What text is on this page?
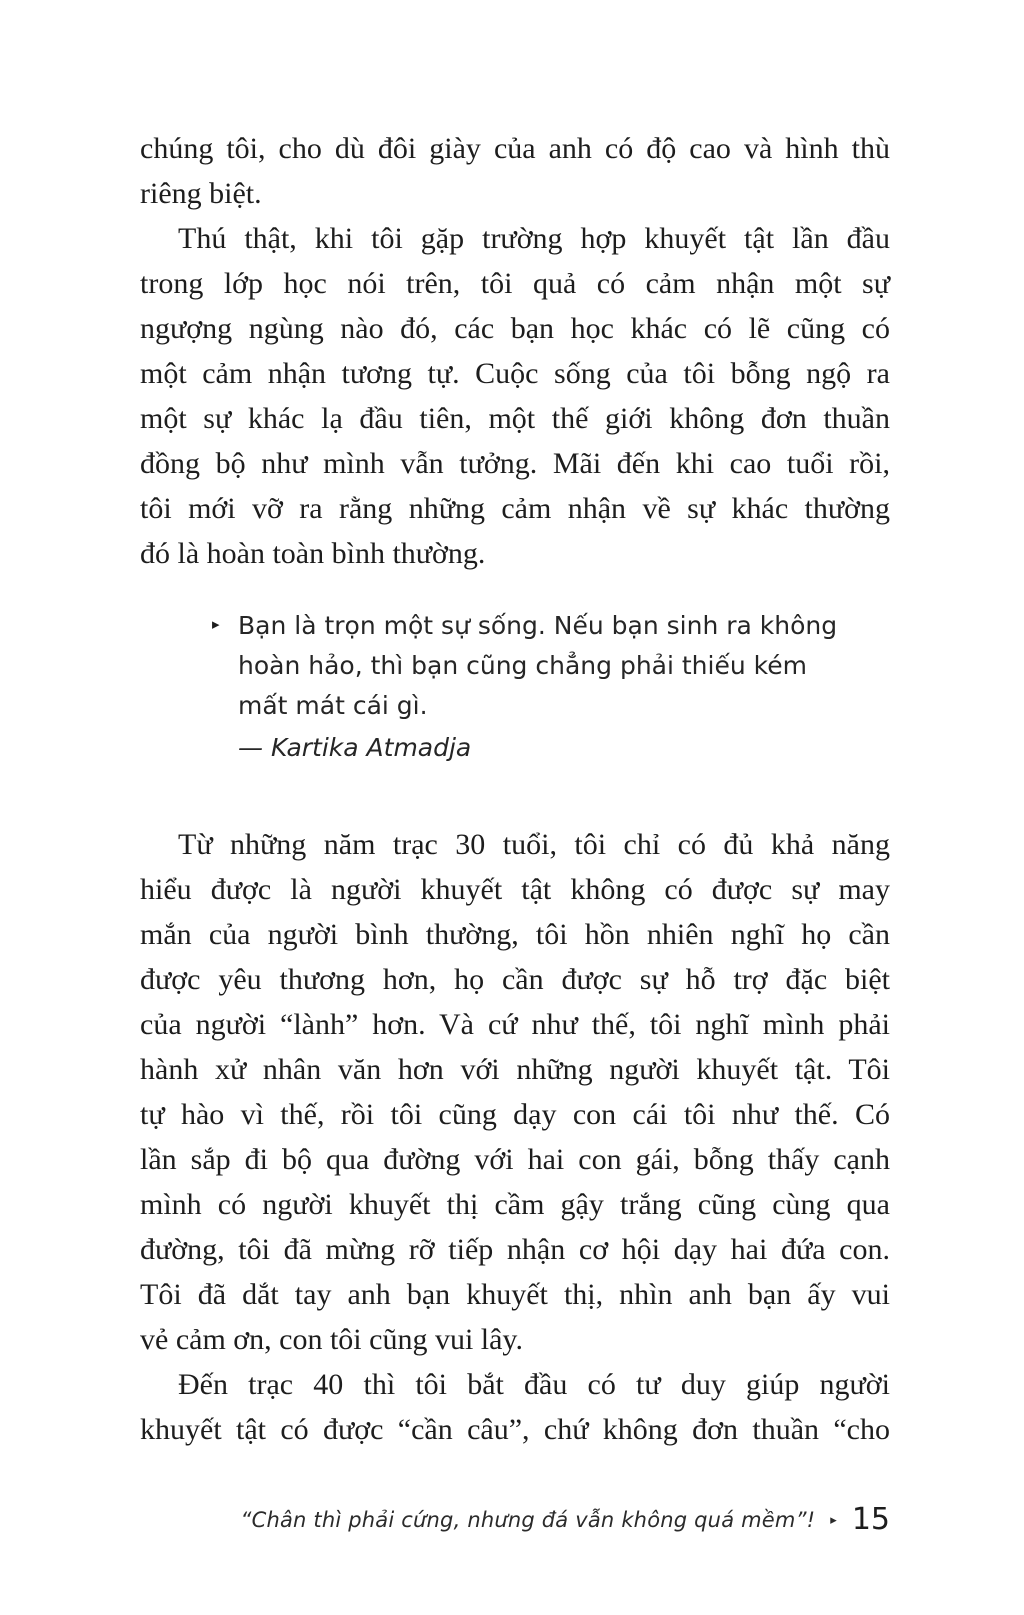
chúng tôi, cho dù đôi giày của anh có độ cao và hình thù
riêng biệt.
Thú thật, khi tôi gặp trường hợp khuyết tật lần đầu
trong lớp học nói trên, tôi quả có cảm nhận một sự
ngượng ngùng nào đó, các bạn học khác có lẽ cũng có
một cảm nhận tương tự. Cuộc sống của tôi bỗng ngộ ra
một sự khác lạ đầu tiên, một thế giới không đơn thuần
đồng bộ như mình vẫn tưởng. Mãi đến khi cao tuổi rồi,
tôi mới vỡ ra rằng những cảm nhận về sự khác thường
đó là hoàn toàn bình thường.
▸ Bạn là trọn một sự sống. Nếu bạn sinh ra không
hoàn hảo, thì bạn cũng chẳng phải thiếu kém
mất mát cái gì.
— Kartika Atmadja
Từ những năm trạc 30 tuổi, tôi chỉ có đủ khả năng
hiểu được là người khuyết tật không có được sự may
mắn của người bình thường, tôi hồn nhiên nghĩ họ cần
được yêu thương hơn, họ cần được sự hỗ trợ đặc biệt
của người “lành” hơn. Và cứ như thế, tôi nghĩ mình phải
hành xử nhân văn hơn với những người khuyết tật. Tôi
tự hào vì thế, rồi tôi cũng dạy con cái tôi như thế. Có
lần sắp đi bộ qua đường với hai con gái, bỗng thấy cạnh
mình có người khuyết thị cầm gậy trắng cũng cùng qua
đường, tôi đã mừng rỡ tiếp nhận cơ hội dạy hai đứa con.
Tôi đã dắt tay anh bạn khuyết thị, nhìn anh bạn ấy vui
vẻ cảm ơn, con tôi cũng vui lây.
Đến trạc 40 thì tôi bắt đầu có tư duy giúp người
khuyết tật có được “cần câu”, chứ không đơn thuần “cho
“Chân thì phải cứng, nhưng đá vẫn không quá mềm”! ▸ 15
